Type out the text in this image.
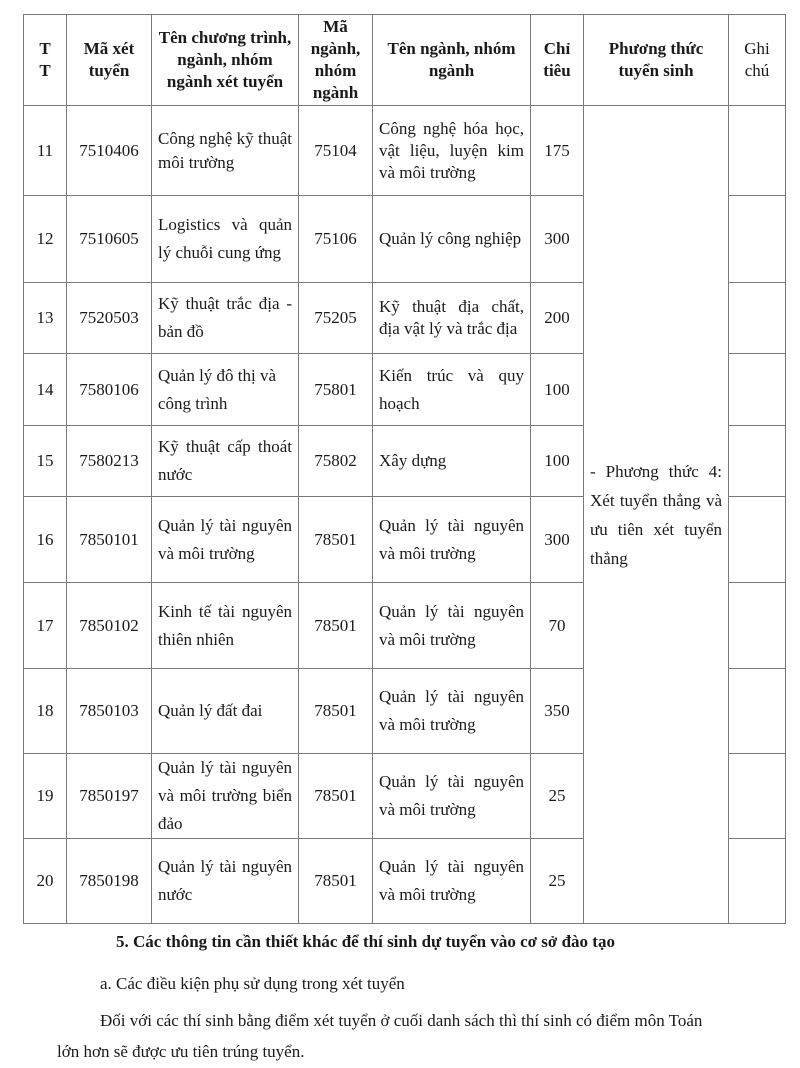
T T	Mã xét tuyển	Tên chương trình, ngành, nhóm ngành xét tuyển	Mã ngành, nhóm ngành	Tên ngành, nhóm ngành	Chỉ tiêu	Phương thức tuyển sinh	Ghi chú
11	7510406	Công nghệ kỹ thuật môi trường	75104	Công nghệ hóa học, vật liệu, luyện kim và môi trường	175	- Phương thức 4: Xét tuyển thẳng và ưu tiên xét tuyển thẳng	
12	7510605	Logistics và quản lý chuỗi cung ứng	75106	Quản lý công nghiệp	300		
13	7520503	Kỹ thuật trắc địa - bản đồ	75205	Kỹ thuật địa chất, địa vật lý và trắc địa	200		
14	7580106	Quản lý đô thị và công trình	75801	Kiến trúc và quy hoạch	100		
15	7580213	Kỹ thuật cấp thoát nước	75802	Xây dựng	100		
16	7850101	Quản lý tài nguyên và môi trường	78501	Quản lý tài nguyên và môi trường	300		
17	7850102	Kinh tế tài nguyên thiên nhiên	78501	Quản lý tài nguyên và môi trường	70		
18	7850103	Quản lý đất đai	78501	Quản lý tài nguyên và môi trường	350		
19	7850197	Quản lý tài nguyên và môi trường biển đảo	78501	Quản lý tài nguyên và môi trường	25		
20	7850198	Quản lý tài nguyên nước	78501	Quản lý tài nguyên và môi trường	25		
5. Các thông tin cần thiết khác để thí sinh dự tuyển vào cơ sở đào tạo
a. Các điều kiện phụ sử dụng trong xét tuyển
Đối với các thí sinh bằng điểm xét tuyển ở cuối danh sách thì thí sinh có điểm môn Toán
lớn hơn sẽ được ưu tiên trúng tuyển.
